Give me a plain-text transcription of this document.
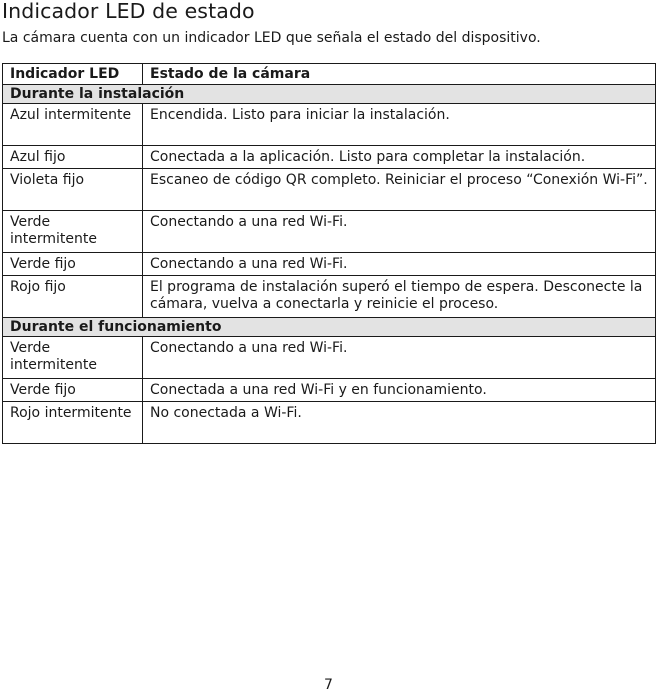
Indicador LED de estado
La cámara cuenta con un indicador LED que señala el estado del dispositivo.
Indicador LED	Estado de la cámara
Durante la instalación	
Azul intermitente	Encendida. Listo para iniciar la instalación.
Azul fijo	Conectada a la aplicación. Listo para completar la instalación.
Violeta fijo	Escaneo de código QR completo. Reiniciar el proceso “Conexión Wi-Fi”.
Verde intermitente	Conectando a una red Wi-Fi.
Verde fijo	Conectando a una red Wi-Fi.
Rojo fijo	El programa de instalación superó el tiempo de espera. Desconecte la cámara, vuelva a conectarla y reinicie el proceso.
Durante el funcionamiento	
Verde intermitente	Conectando a una red Wi-Fi.
Verde fijo	Conectada a una red Wi-Fi y en funcionamiento.
Rojo intermitente	No conectada a Wi-Fi.
7
